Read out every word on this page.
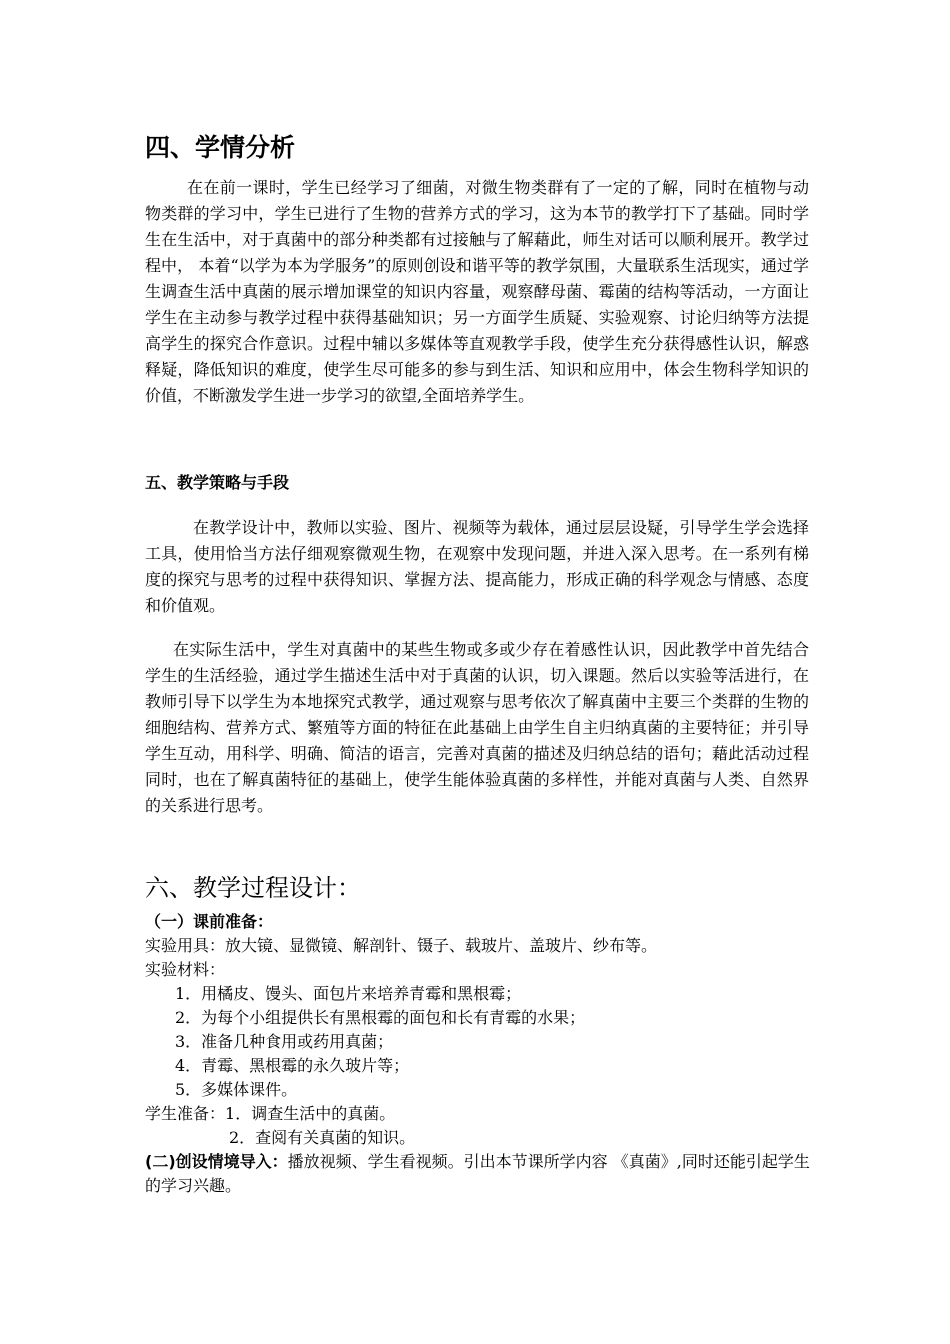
四、学情分析

在在前一课时，学生已经学习了细菌，对微生物类群有了一定的了解，同时在植物与动物类群的学习中，学生已进行了生物的营养方式的学习，这为本节的教学打下了基础。同时学生在生活中，对于真菌中的部分种类都有过接触与了解藉此，师生对话可以顺利展开。教学过程中， 本着“以学为本为学服务”的原则创设和谐平等的教学氛围，大量联系生活现实，通过学生调查生活中真菌的展示增加课堂的知识内容量，观察酵母菌、霉菌的结构等活动，一方面让学生在主动参与教学过程中获得基础知识；另一方面学生质疑、实验观察、讨论归纳等方法提高学生的探究合作意识。过程中辅以多媒体等直观教学手段，使学生充分获得感性认识，解惑释疑，降低知识的难度，使学生尽可能多的参与到生活、知识和应用中，体会生物科学知识的价值，不断激发学生进一步学习的欲望,全面培养学生。

五、教学策略与手段

在教学设计中，教师以实验、图片、视频等为载体，通过层层设疑，引导学生学会选择工具，使用恰当方法仔细观察微观生物，在观察中发现问题，并进入深入思考。在一系列有梯度的探究与思考的过程中获得知识、掌握方法、提高能力，形成正确的科学观念与情感、态度和价值观。

在实际生活中，学生对真菌中的某些生物或多或少存在着感性认识，因此教学中首先结合学生的生活经验，通过学生描述生活中对于真菌的认识，切入课题。然后以实验等活进行，在教师引导下以学生为本地探究式教学，通过观察与思考依次了解真菌中主要三个类群的生物的细胞结构、营养方式、繁殖等方面的特征在此基础上由学生自主归纳真菌的主要特征；并引导学生互动，用科学、明确、简洁的语言，完善对真菌的描述及归纳总结的语句；藉此活动过程同时，也在了解真菌特征的基础上，使学生能体验真菌的多样性，并能对真菌与人类、自然界的关系进行思考。

六、教学过程设计：

（一）课前准备：

实验用具：放大镜、显微镜、解剖针、镊子、载玻片、盖玻片、纱布等。

实验材料：

1．用橘皮、馒头、面包片来培养青霉和黑根霉；

2．为每个小组提供长有黑根霉的面包和长有青霉的水果；

3．准备几种食用或药用真菌；

4．青霉、黑根霉的永久玻片等；

5．多媒体课件。

学生准备：1．调查生活中的真菌。

2．查阅有关真菌的知识。

(二)创设情境导入：播放视频、学生看视频。引出本节课所学内容 《真菌》,同时还能引起学生的学习兴趣。
